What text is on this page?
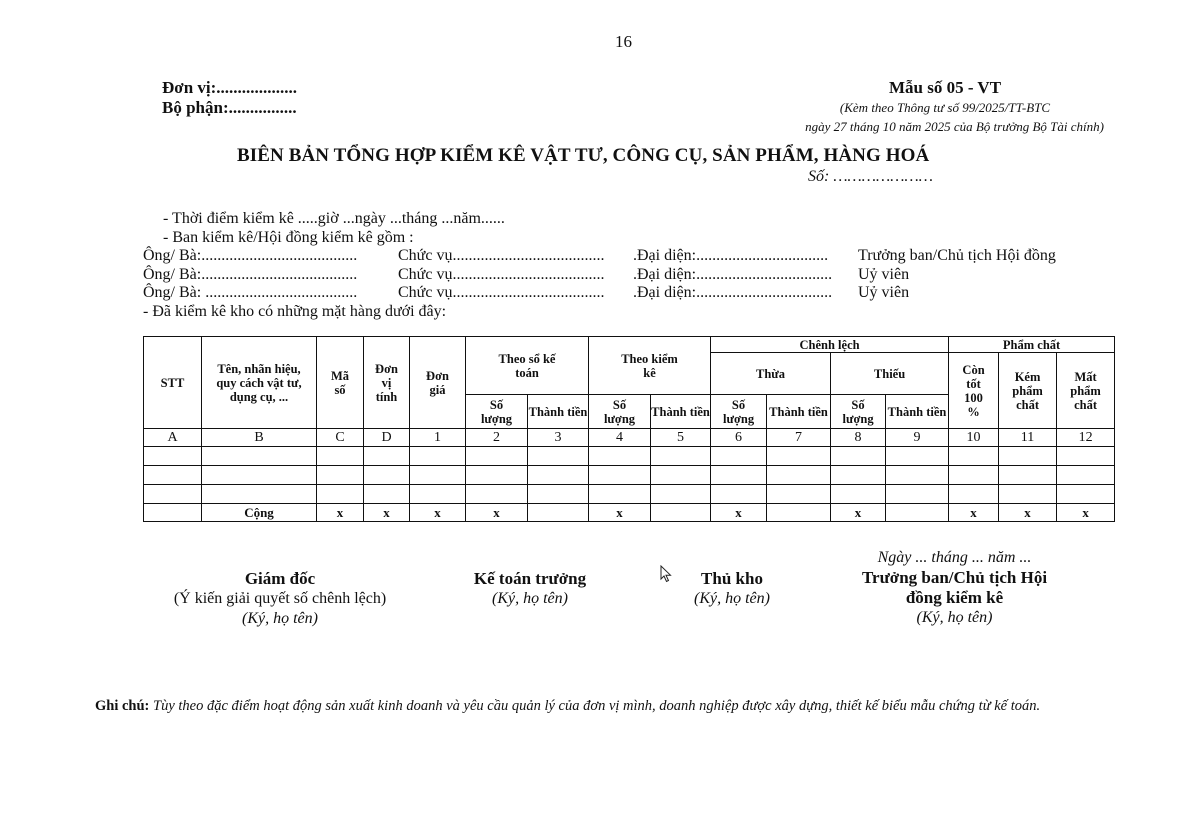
16
Đơn vị:...................
Bộ phận:................
Mẫu số 05 - VT
(Kèm theo Thông tư số 99/2025/TT-BTC
ngày 27 tháng 10 năm 2025 của Bộ trưởng Bộ Tài chính)
BIÊN BẢN TỔNG HỢP KIỂM KÊ VẬT TƯ, CÔNG CỤ, SẢN PHẨM, HÀNG HOÁ
Số: …………………
- Thời điểm kiểm kê .....giờ ...ngày ...tháng ...năm......
- Ban kiểm kê/Hội đồng kiểm kê gồm :
Ông/ Bà:.......................................	Chức vụ......................................	.Đại diện:.................................	Trưởng ban/Chủ tịch Hội đồng
Ông/ Bà:.......................................	Chức vụ......................................	.Đại diện:..................................	Uỷ viên
Ông/ Bà: ......................................	Chức vụ......................................	.Đại diện:..................................	Uỷ viên
- Đã kiểm kê kho có những mặt hàng dưới đây:
STT	Tên, nhãn hiệu, quy cách vật tư, dụng cụ, ...	Mã số	Đơn vị tính	Đơn giá	Theo sổ kế toán		Theo kiểm kê		Chênh lệch				Phẩm chất		
									Thừa		Thiếu		Còn tốt 100 %	Kém phẩm chất	Mất phẩm chất
					Số lượng	Thành tiền	Số lượng	Thành tiền	Số lượng	Thành tiền	Số lượng	Thành tiền			
A	B	C	D	1	2	3	4	5	6	7	8	9	10	11	12

	Cộng	x	x	x	x		x		x		x		x	x	x
Giám đốc
(Ý kiến giải quyết số chênh lệch)
(Ký, họ tên)
Kế toán trưởng
(Ký, họ tên)
Thủ kho
(Ký, họ tên)
Ngày ... tháng ... năm ...
Trưởng ban/Chủ tịch Hội
đồng kiểm kê
(Ký, họ tên)
Ghi chú: Tùy theo đặc điểm hoạt động sản xuất kinh doanh và yêu cầu quản lý của đơn vị mình, doanh nghiệp được xây dựng, thiết kế biểu mẫu chứng từ kế toán.
